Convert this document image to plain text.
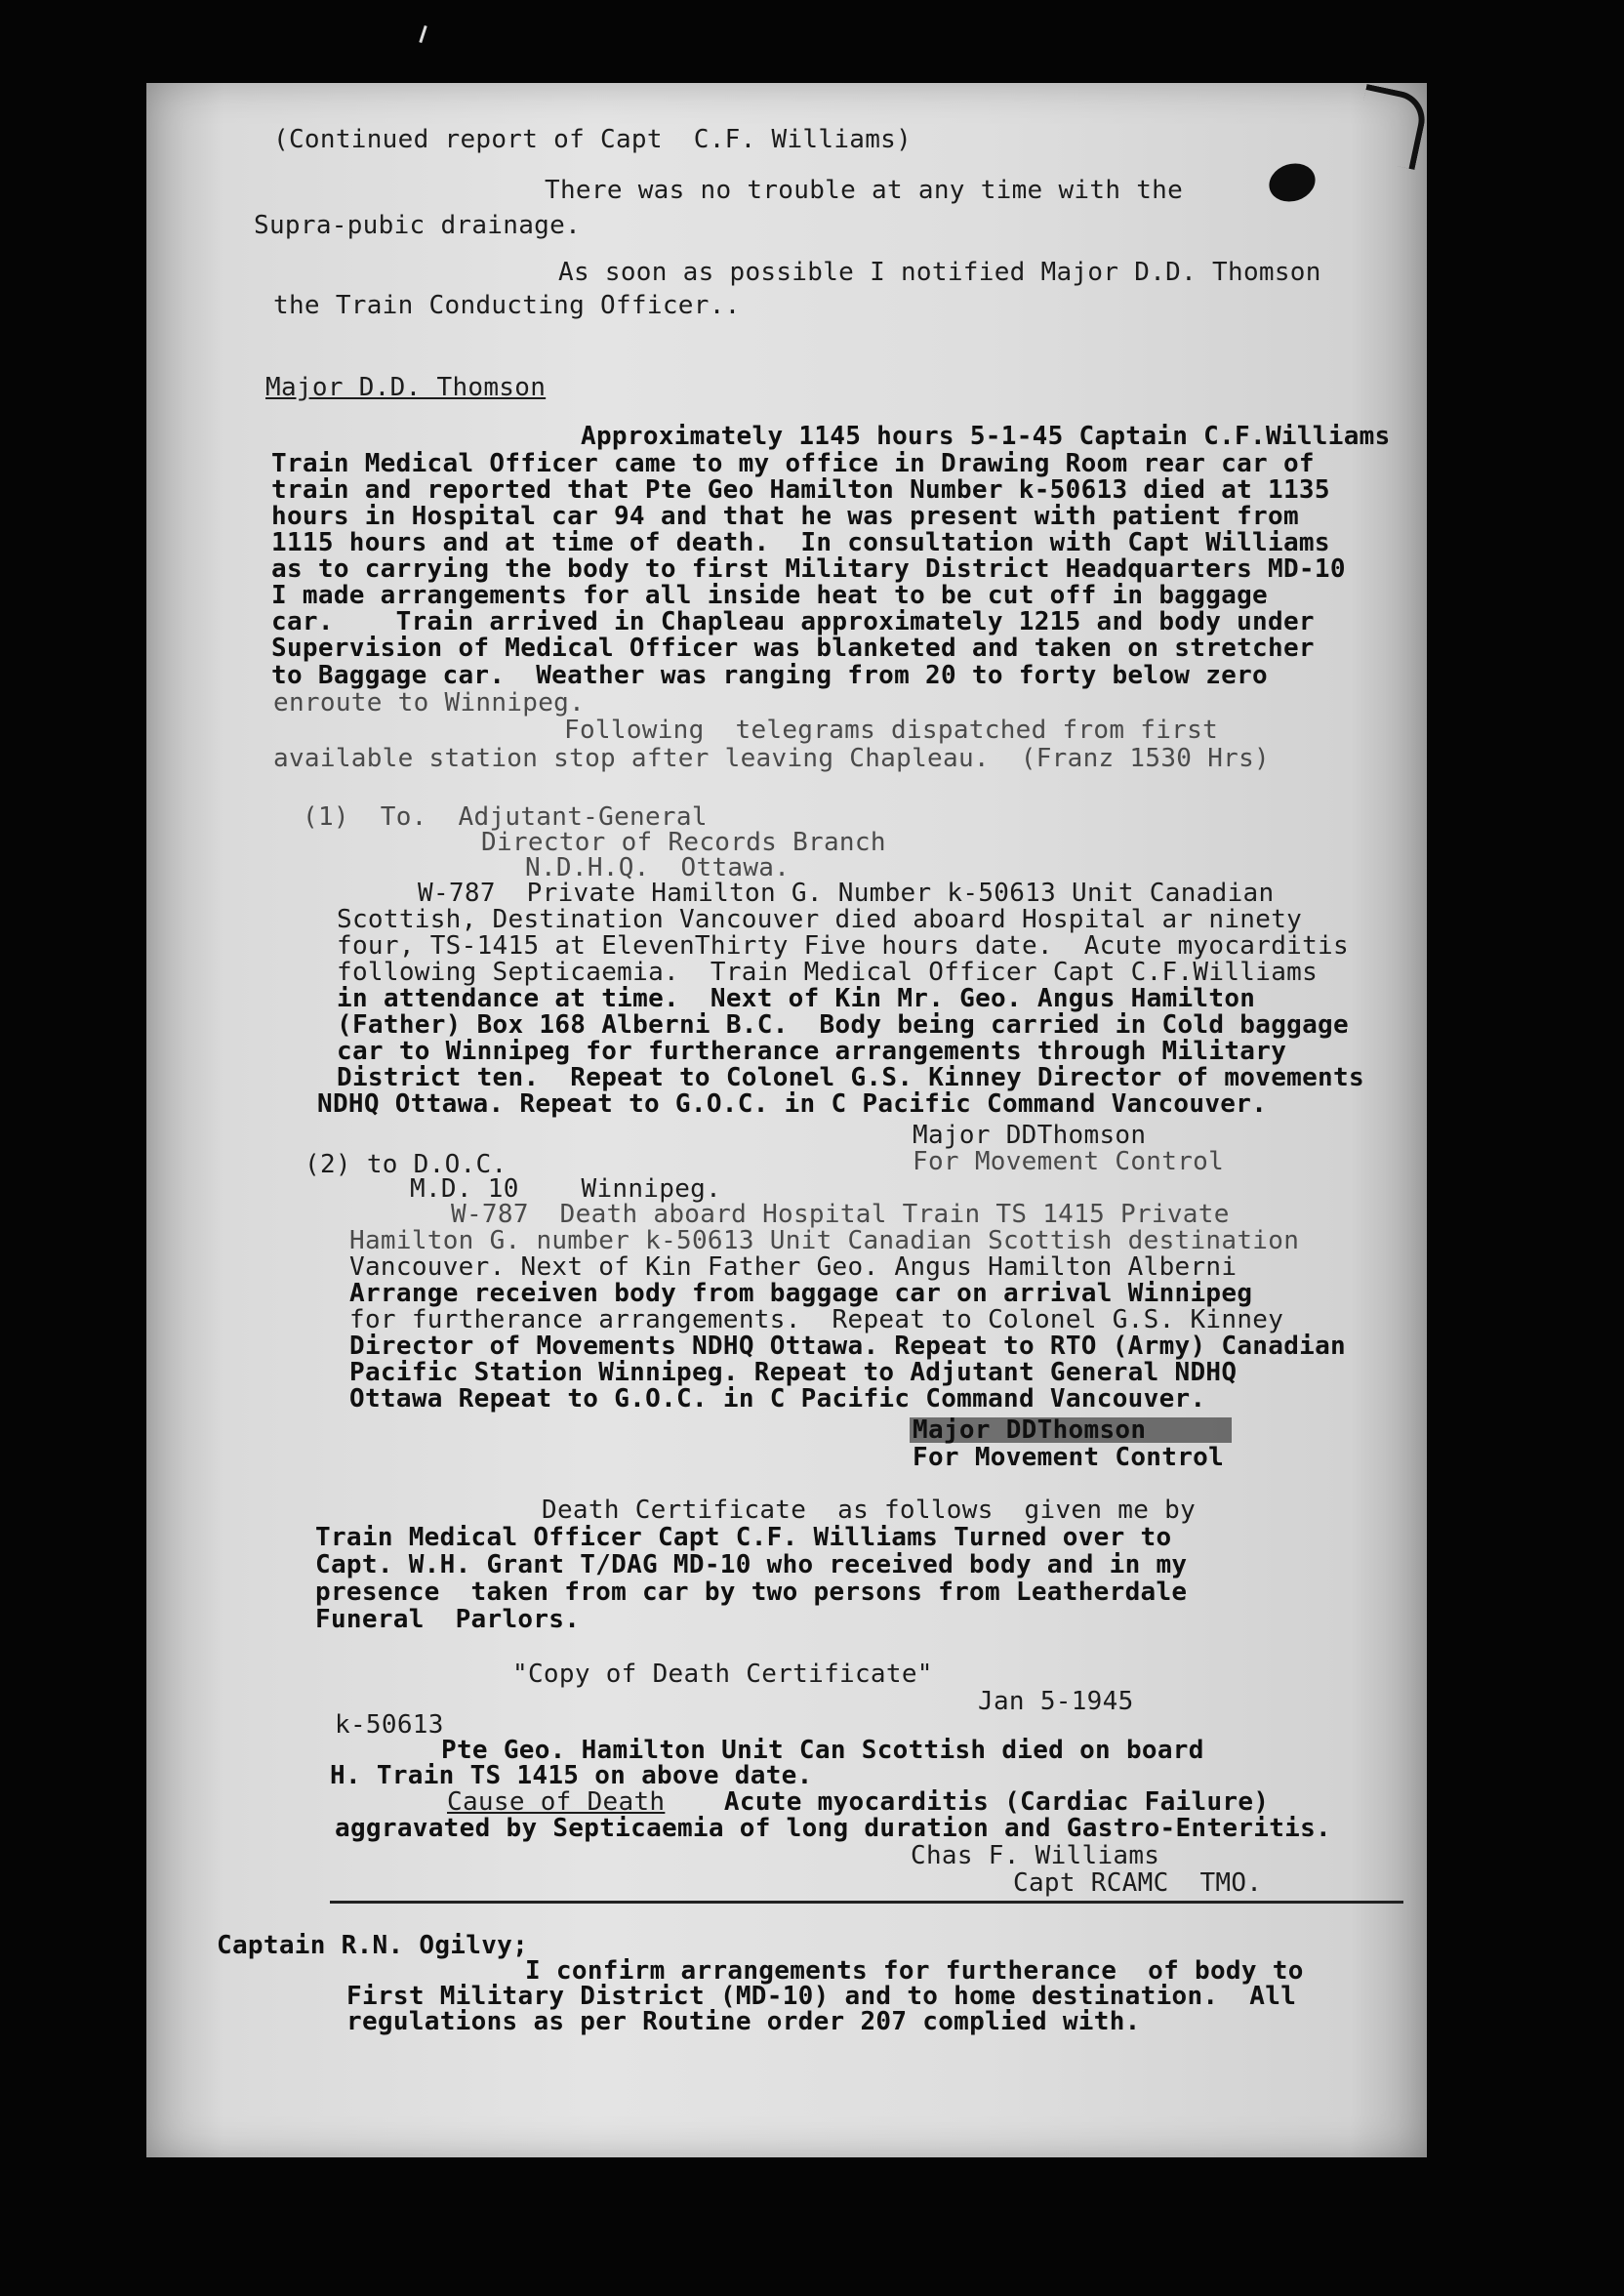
(Continued report of Capt  C.F. Williams)
There was no trouble at any time with the
Supra-pubic drainage.
As soon as possible I notified Major D.D. Thomson
the Train Conducting Officer..
Major D.D. Thomson
Approximately 1145 hours 5-1-45 Captain C.F.Williams
Train Medical Officer came to my office in Drawing Room rear car of
train and reported that Pte Geo Hamilton Number k-50613 died at 1135
hours in Hospital car 94 and that he was present with patient from
1115 hours and at time of death.  In consultation with Capt Williams
as to carrying the body to first Military District Headquarters MD-10
I made arrangements for all inside heat to be cut off in baggage
car.    Train arrived in Chapleau approximately 1215 and body under
Supervision of Medical Officer was blanketed and taken on stretcher
to Baggage car.  Weather was ranging from 20 to forty below zero
enroute to Winnipeg.
Following  telegrams dispatched from first
available station stop after leaving Chapleau.  (Franz 1530 Hrs)
(1)  To.  Adjutant-General
Director of Records Branch
N.D.H.Q.  Ottawa.
W-787  Private Hamilton G. Number k-50613 Unit Canadian
Scottish, Destination Vancouver died aboard Hospital ar ninety
four, TS-1415 at ElevenThirty Five hours date.  Acute myocarditis
following Septicaemia.  Train Medical Officer Capt C.F.Williams
in attendance at time.  Next of Kin Mr. Geo. Angus Hamilton
(Father) Box 168 Alberni B.C.  Body being carried in Cold baggage
car to Winnipeg for furtherance arrangements through Military
District ten.  Repeat to Colonel G.S. Kinney Director of movements
NDHQ Ottawa. Repeat to G.O.C. in C Pacific Command Vancouver.
Major DDThomson
For Movement Control
(2) to D.O.C.
M.D. 10    Winnipeg.
W-787  Death aboard Hospital Train TS 1415 Private
Hamilton G. number k-50613 Unit Canadian Scottish destination
Vancouver. Next of Kin Father Geo. Angus Hamilton Alberni
Arrange receiven body from baggage car on arrival Winnipeg
for furtherance arrangements.  Repeat to Colonel G.S. Kinney
Director of Movements NDHQ Ottawa. Repeat to RTO (Army) Canadian
Pacific Station Winnipeg. Repeat to Adjutant General NDHQ
Ottawa Repeat to G.O.C. in C Pacific Command Vancouver.
Major DDThomson
For Movement Control
Death Certificate  as follows  given me by
Train Medical Officer Capt C.F. Williams Turned over to
Capt. W.H. Grant T/DAG MD-10 who received body and in my
presence  taken from car by two persons from Leatherdale
Funeral  Parlors.
"Copy of Death Certificate"
Jan 5-1945
k-50613
Pte Geo. Hamilton Unit Can Scottish died on board
H. Train TS 1415 on above date.
Cause of Death Acute myocarditis (Cardiac Failure)
aggravated by Septicaemia of long duration and Gastro-Enteritis.
Chas F. Williams
Capt RCAMC  TMO.
Captain R.N. Ogilvy;
I confirm arrangements for furtherance  of body to
First Military District (MD-10) and to home destination.  All
regulations as per Routine order 207 complied with.
